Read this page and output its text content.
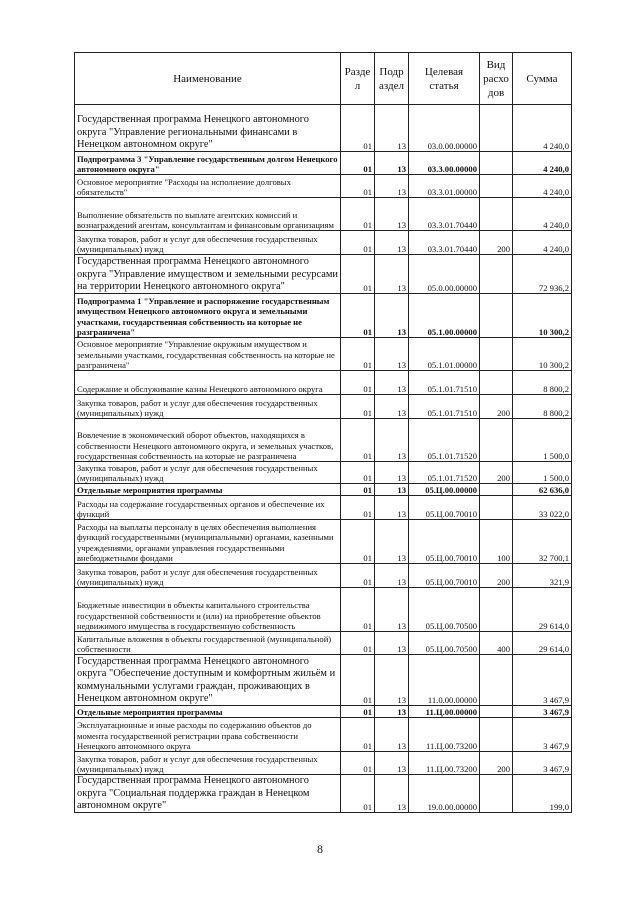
Наименование	Разде л	Подр аздел	Целевая статья	Вид расхо дов	Сумма
Государственная программа Ненецкого автономного округа "Управление региональными финансами в Ненецком автономном округе"	01	13	03.0.00.00000		4 240,0
Подпрограмма 3 "Управление государственным долгом Ненецкого автономного округа"	01	13	03.3.00.00000		4 240,0
Основное мероприятие "Расходы на исполнение долговых обязательств"	01	13	03.3.01.00000		4 240,0
Выполнение обязательств по выплате агентских комиссий и вознаграждений агентам, консультантам и финансовым организациям	01	13	03.3.01.70440		4 240,0
Закупка товаров, работ и услуг для обеспечения государственных (муниципальных) нужд	01	13	03.3.01.70440	200	4 240,0
Государственная программа Ненецкого автономного округа "Управление имуществом и земельными ресурсами на территории Ненецкого автономного округа"	01	13	05.0.00.00000		72 936,2
Подпрограмма 1 "Управление и распоряжение государственным имуществом Ненецкого автономного округа и земельными участками, государственная собственность на которые не разграничена"	01	13	05.1.00.00000		10 300,2
Основное мероприятие "Управление окружным имуществом и земельными участками, государственная собственность на которые не разграничена"	01	13	05.1.01.00000		10 300,2
Содержание и обслуживание казны Ненецкого автономного округа	01	13	05.1.01.71510		8 800,2
Закупка товаров, работ и услуг для обеспечения государственных (муниципальных) нужд	01	13	05.1.01.71510	200	8 800,2
Вовлечение в экономический оборот объектов, находящихся в собственности Ненецкого автономного округа, и земельных участков, государственная собственность на которые не разграничена	01	13	05.1.01.71520		1 500,0
Закупка товаров, работ и услуг для обеспечения государственных (муниципальных) нужд	01	13	05.1.01.71520	200	1 500,0
Отдельные мероприятия программы	01	13	05.Ц.00.00000		62 636,0
Расходы на содержание государственных органов и обеспечение их функций	01	13	05.Ц.00.70010		33 022,0
Расходы на выплаты персоналу в целях обеспечения выполнения функций государственными (муниципальными) органами, казенными учреждениями, органами управления государственными внебюджетными фондами	01	13	05.Ц.00.70010	100	32 700,1
Закупка товаров, работ и услуг для обеспечения государственных (муниципальных) нужд	01	13	05.Ц.00.70010	200	321,9
Бюджетные инвестиции в объекты капитального строительства государственной собственности и (или) на приобретение объектов недвижимого имущества в государственную собственность	01	13	05.Ц.00.70500		29 614,0
Капитальные вложения в объекты государственной (муниципальной) собственности	01	13	05.Ц.00.70500	400	29 614,0
Государственная программа Ненецкого автономного округа "Обеспечение доступным и комфортным жильём и коммунальными услугами граждан, проживающих в Ненецком автономном округе"	01	13	11.0.00.00000		3 467,9
Отдельные мероприятия программы	01	13	11.Ц.00.00000		3 467,9
Эксплуатационные и иные расходы по содержанию объектов до момента государственной регистрации права собственности Ненецкого автономного округа	01	13	11.Ц.00.73200		3 467,9
Закупка товаров, работ и услуг для обеспечения государственных (муниципальных) нужд	01	13	11.Ц.00.73200	200	3 467,9
Государственная программа Ненецкого автономного округа "Социальная поддержка граждан в Ненецком автономном округе"	01	13	19.0.00.00000		199,0
8
